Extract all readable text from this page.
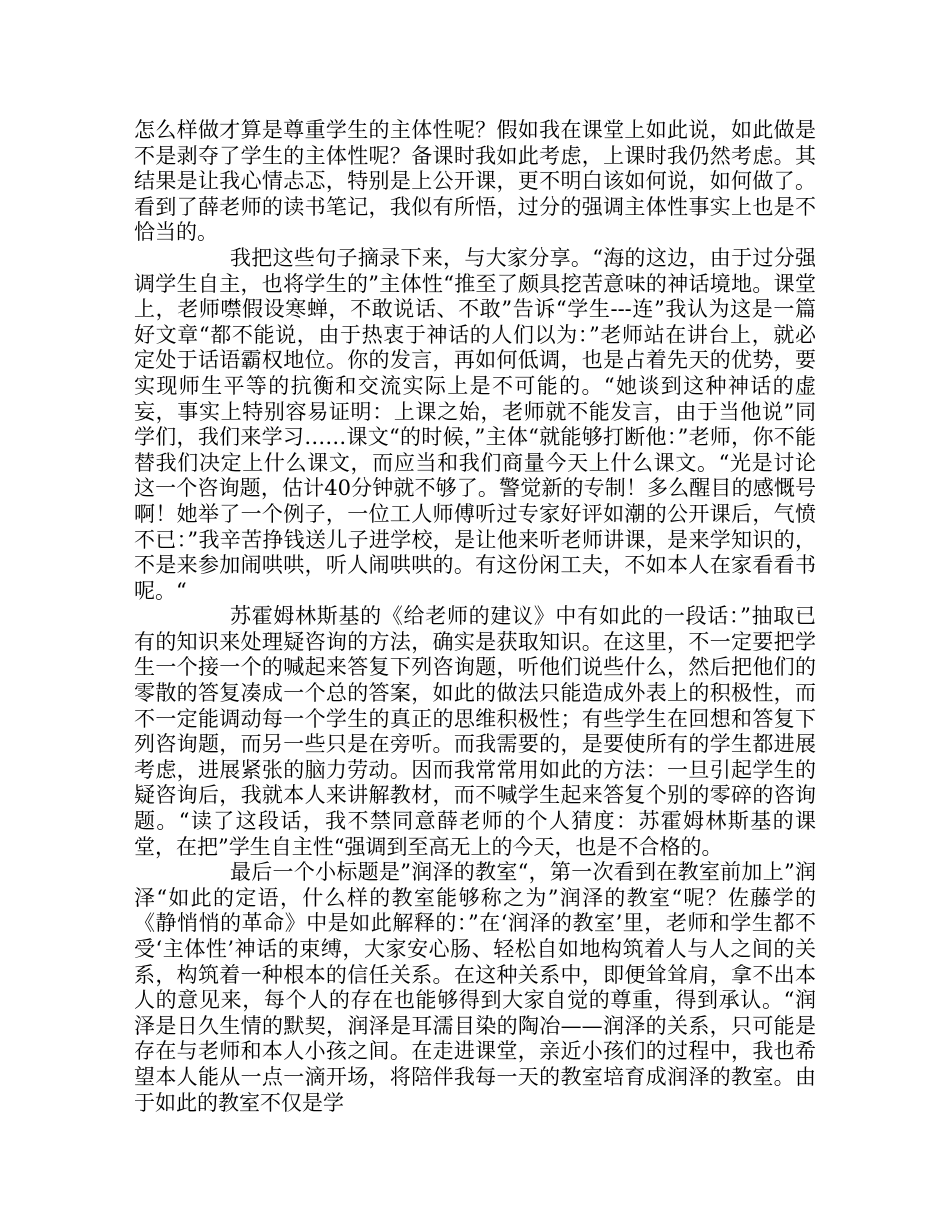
怎么样做才算是尊重学生的主体性呢？假如我在课堂上如此说，如此做是不是剥夺了学生的主体性呢？备课时我如此考虑，上课时我仍然考虑。其结果是让我心情忐忑，特别是上公开课，更不明白该如何说，如何做了。看到了薛老师的读书笔记，我似有所悟，过分的强调主体性事实上也是不恰当的。

我把这些句子摘录下来，与大家分享。“海的这边，由于过分强调学生自主，也将学生的”主体性“推至了颇具挖苦意味的神话境地。课堂上，老师噤假设寒蝉，不敢说话、不敢”告诉“学生---连”我认为这是一篇好文章“都不能说，由于热衷于神话的人们以为：”老师站在讲台上，就必定处于话语霸权地位。你的发言，再如何低调，也是占着先天的优势，要实现师生平等的抗衡和交流实际上是不可能的。“她谈到这种神话的虚妄，事实上特别容易证明：上课之始，老师就不能发言，由于当他说”同学们，我们来学习……课文“的时候，”主体“就能够打断他：”老师，你不能替我们决定上什么课文，而应当和我们商量今天上什么课文。“光是讨论这一个咨询题，估计40分钟就不够了。警觉新的专制！多么醒目的感慨号啊！她举了一个例子，一位工人师傅听过专家好评如潮的公开课后，气愤不已：”我辛苦挣钱送儿子进学校，是让他来听老师讲课，是来学知识的，不是来参加闹哄哄，听人闹哄哄的。有这份闲工夫，不如本人在家看看书呢。“

苏霍姆林斯基的《给老师的建议》中有如此的一段话：”抽取已有的知识来处理疑咨询的方法，确实是获取知识。在这里，不一定要把学生一个接一个的喊起来答复下列咨询题，听他们说些什么，然后把他们的零散的答复凑成一个总的答案，如此的做法只能造成外表上的积极性，而不一定能调动每一个学生的真正的思维积极性；有些学生在回想和答复下列咨询题，而另一些只是在旁听。而我需要的，是要使所有的学生都进展考虑，进展紧张的脑力劳动。因而我常常用如此的方法：一旦引起学生的疑咨询后，我就本人来讲解教材，而不喊学生起来答复个别的零碎的咨询题。“读了这段话，我不禁同意薛老师的个人猜度：苏霍姆林斯基的课堂，在把”学生自主性“强调到至高无上的今天，也是不合格的。

最后一个小标题是”润泽的教室“，第一次看到在教室前加上”润泽“如此的定语，什么样的教室能够称之为”润泽的教室“呢？佐藤学的《静悄悄的革命》中是如此解释的：”在‘润泽的教室’里，老师和学生都不受‘主体性’神话的束缚，大家安心肠、轻松自如地构筑着人与人之间的关系，构筑着一种根本的信任关系。在这种关系中，即便耸耸肩，拿不出本人的意见来，每个人的存在也能够得到大家自觉的尊重，得到承认。“润泽是日久生情的默契，润泽是耳濡目染的陶冶——润泽的关系，只可能是存在与老师和本人小孩之间。在走进课堂，亲近小孩们的过程中，我也希望本人能从一点一滴开场，将陪伴我每一天的教室培育成润泽的教室。由于如此的教室不仅是学
